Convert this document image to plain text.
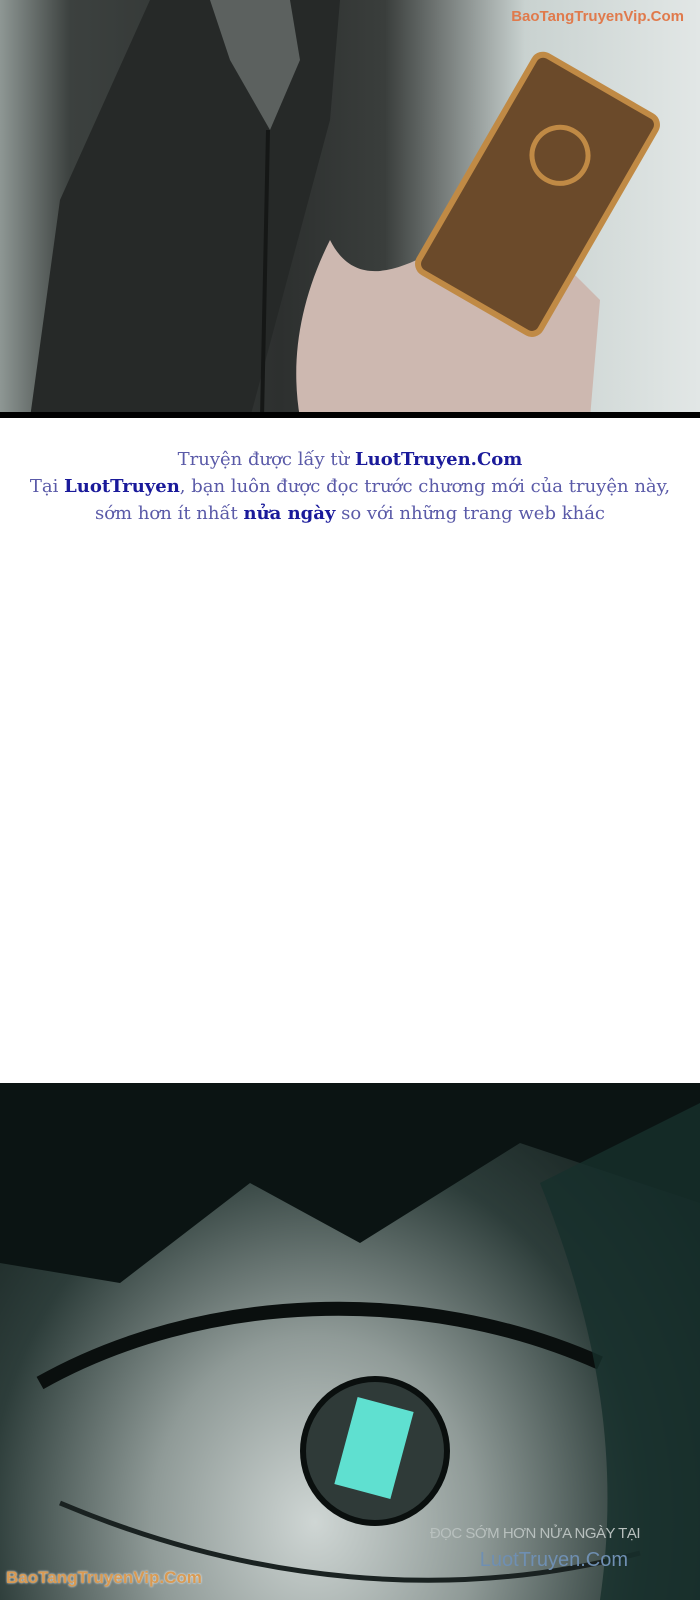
BaoTangTruyenVip.Com
Truyện được lấy từ LuotTruyen.Com
Tại LuotTruyen, bạn luôn được đọc trước chương mới của truyện này,
sớm hơn ít nhất nửa ngày so với những trang web khác
ĐỌC SỚM HƠN NỬA NGÀY TẠI
LuotTruyen.Com
BaoTangTruyenVip.Com
